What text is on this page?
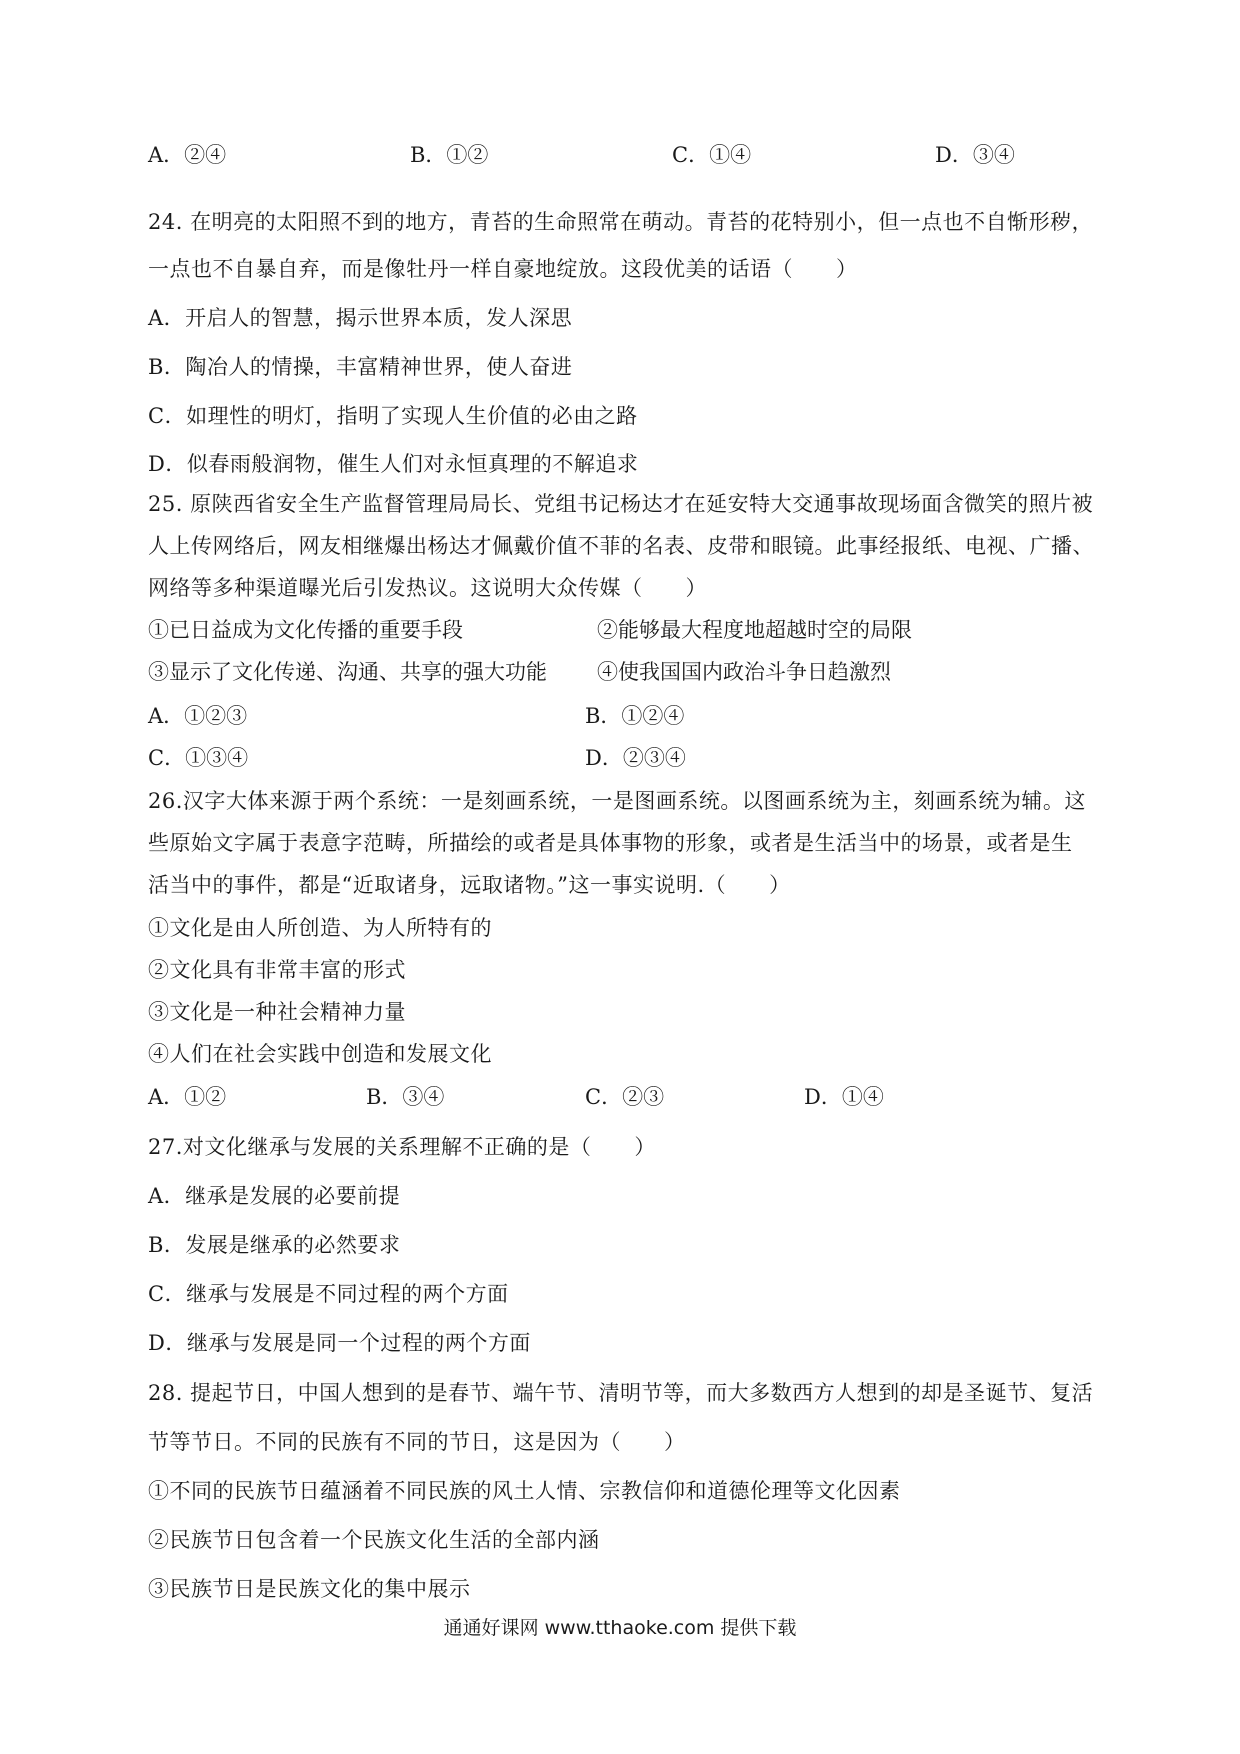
A．②④	B．①②	C．①④	D．③④
24. 在明亮的太阳照不到的地方，青苔的生命照常在萌动。青苔的花特别小，但一点也不自惭形秽，
一点也不自暴自弃，而是像牡丹一样自豪地绽放。这段优美的话语（　　）
A．开启人的智慧，揭示世界本质，发人深思
B．陶冶人的情操，丰富精神世界，使人奋进
C．如理性的明灯，指明了实现人生价值的必由之路
D．似春雨般润物，催生人们对永恒真理的不解追求
25. 原陕西省安全生产监督管理局局长、党组书记杨达才在延安特大交通事故现场面含微笑的照片被
人上传网络后，网友相继爆出杨达才佩戴价值不菲的名表、皮带和眼镜。此事经报纸、电视、广播、
网络等多种渠道曝光后引发热议。这说明大众传媒（　　）
①已日益成为文化传播的重要手段	②能够最大程度地超越时空的局限
③显示了文化传递、沟通、共享的强大功能 ④使我国国内政治斗争日趋激烈
A．①②③	B．①②④
C．①③④	D．②③④
26.汉字大体来源于两个系统：一是刻画系统，一是图画系统。以图画系统为主，刻画系统为辅。这
些原始文字属于表意字范畴，所描绘的或者是具体事物的形象，或者是生活当中的场景，或者是生
活当中的事件，都是“近取诸身，远取诸物。”这一事实说明.（　　）
①文化是由人所创造、为人所特有的
②文化具有非常丰富的形式
③文化是一种社会精神力量
④人们在社会实践中创造和发展文化
A．①②	B．③④	C．②③	D．①④
27.对文化继承与发展的关系理解不正确的是（　　）
A．继承是发展的必要前提
B．发展是继承的必然要求
C．继承与发展是不同过程的两个方面
D．继承与发展是同一个过程的两个方面
28. 提起节日，中国人想到的是春节、端午节、清明节等，而大多数西方人想到的却是圣诞节、复活
节等节日。不同的民族有不同的节日，这是因为（　　）
①不同的民族节日蕴涵着不同民族的风土人情、宗教信仰和道德伦理等文化因素
②民族节日包含着一个民族文化生活的全部内涵
③民族节日是民族文化的集中展示
通通好课网 www.tthaoke.com 提供下载
